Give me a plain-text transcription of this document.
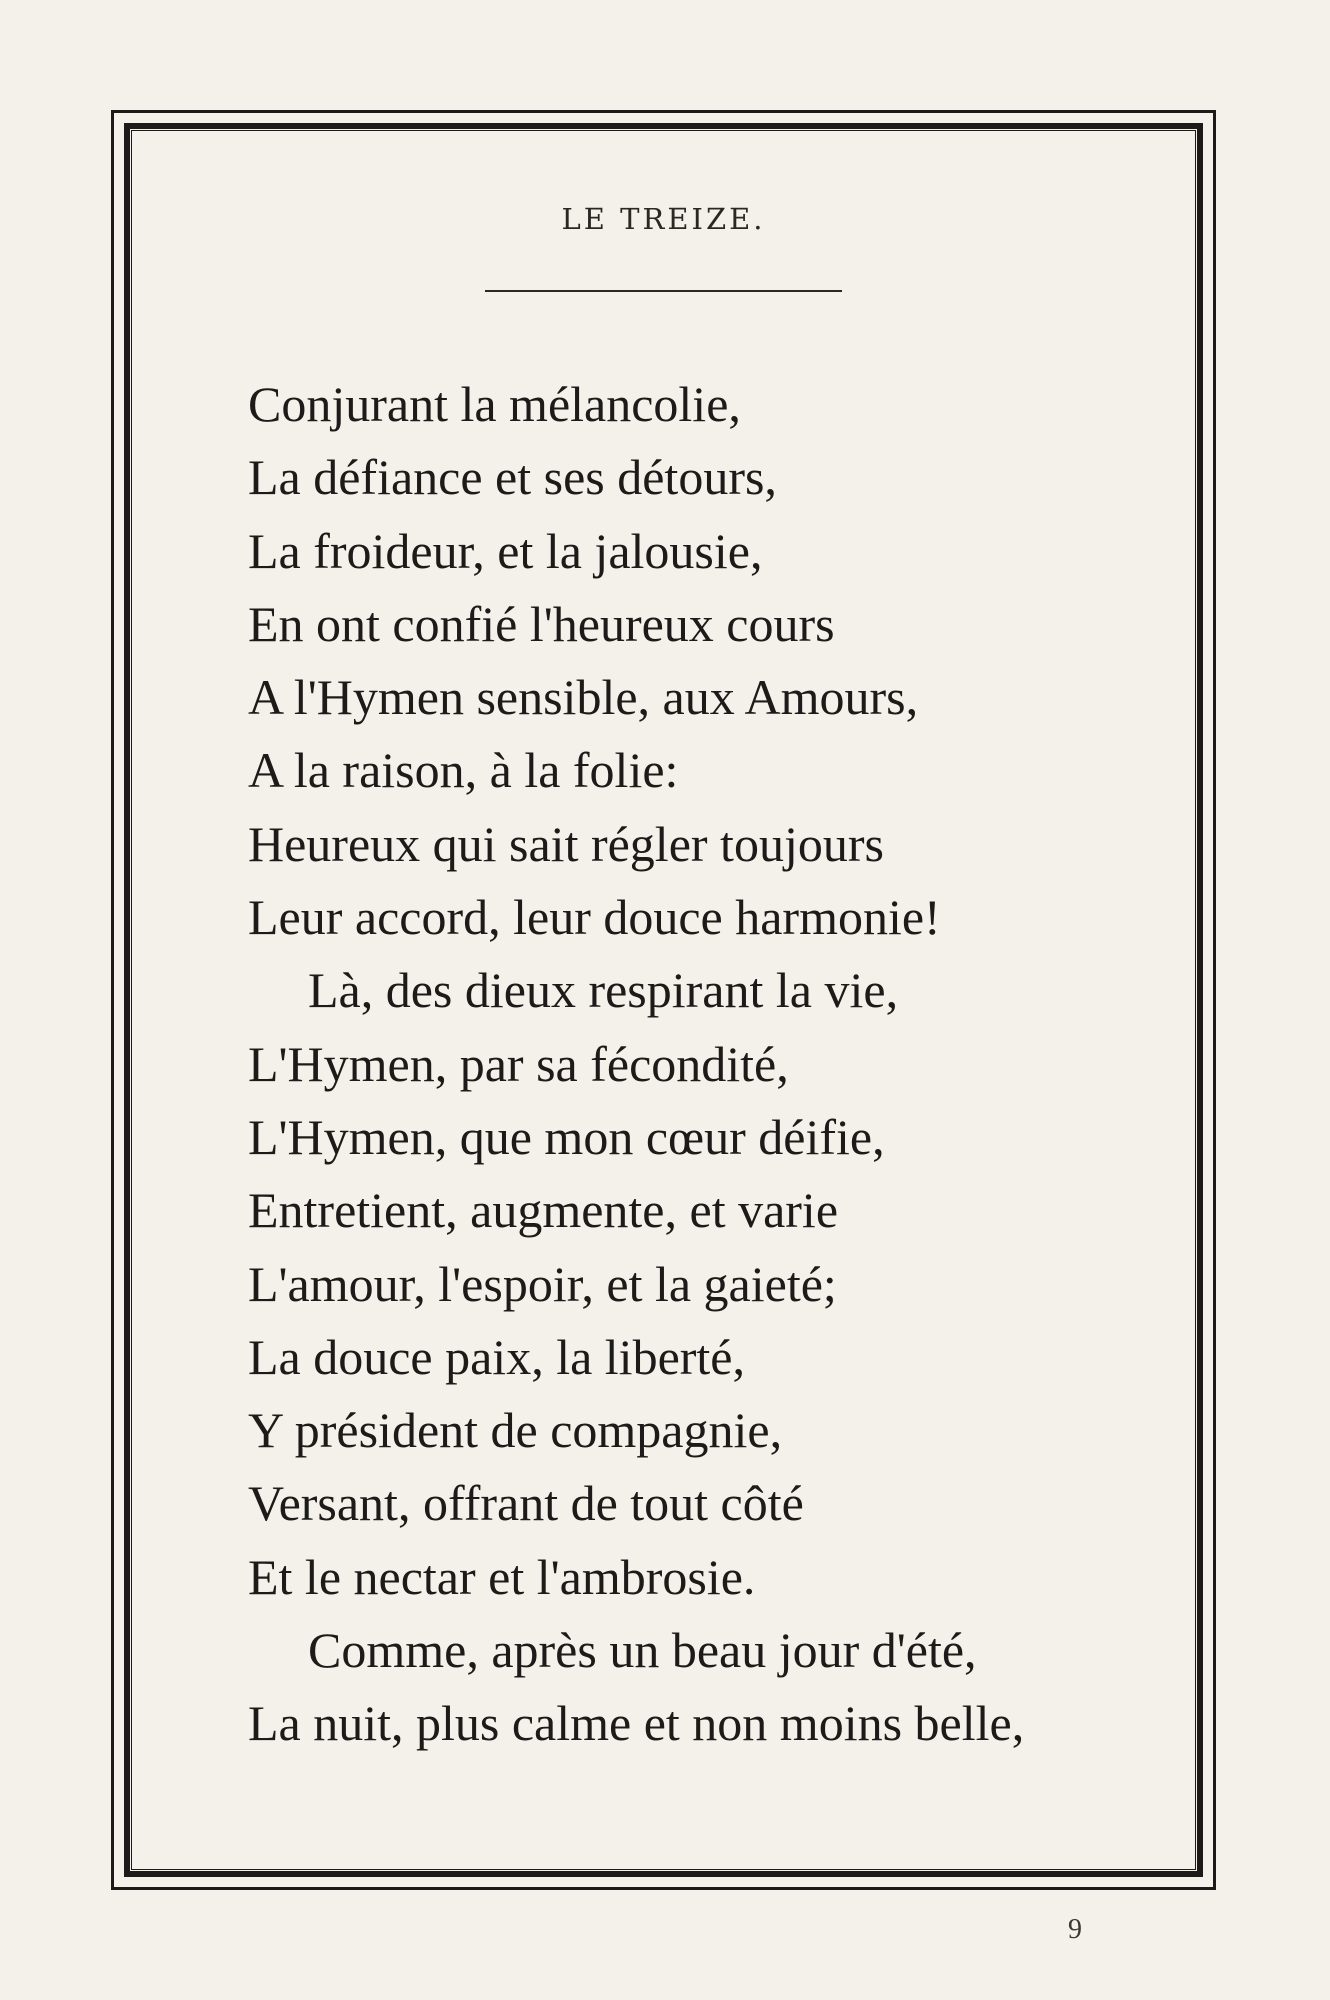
LE TREIZE.
Conjurant la mélancolie,
La défiance et ses détours,
La froideur, et la jalousie,
En ont confié l'heureux cours
A l'Hymen sensible, aux Amours,
A la raison, à la folie:
Heureux qui sait régler toujours
Leur accord, leur douce harmonie!
Là, des dieux respirant la vie,
L'Hymen, par sa fécondité,
L'Hymen, que mon cœur déifie,
Entretient, augmente, et varie
L'amour, l'espoir, et la gaieté;
La douce paix, la liberté,
Y président de compagnie,
Versant, offrant de tout côté
Et le nectar et l'ambrosie.
Comme, après un beau jour d'été,
La nuit, plus calme et non moins belle,
9
